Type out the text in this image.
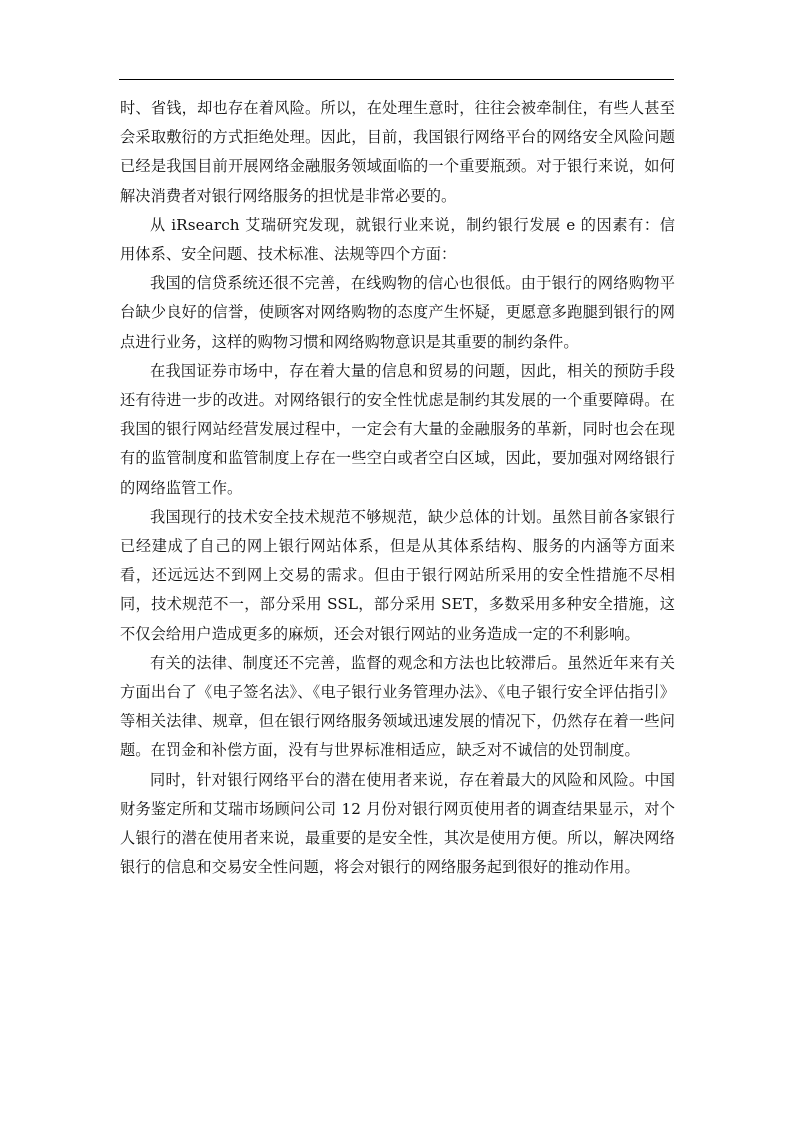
时、省钱，却也存在着风险。所以，在处理生意时，往往会被牵制住，有些人甚至会采取敷衍的方式拒绝处理。因此，目前，我国银行网络平台的网络安全风险问题已经是我国目前开展网络金融服务领域面临的一个重要瓶颈。对于银行来说，如何解决消费者对银行网络服务的担忧是非常必要的。

从 iRsearch 艾瑞研究发现，就银行业来说，制约银行发展 e 的因素有：信用体系、安全问题、技术标准、法规等四个方面：

我国的信贷系统还很不完善，在线购物的信心也很低。由于银行的网络购物平台缺少良好的信誉，使顾客对网络购物的态度产生怀疑，更愿意多跑腿到银行的网点进行业务，这样的购物习惯和网络购物意识是其重要的制约条件。

在我国证券市场中，存在着大量的信息和贸易的问题，因此，相关的预防手段还有待进一步的改进。对网络银行的安全性忧虑是制约其发展的一个重要障碍。在我国的银行网站经营发展过程中，一定会有大量的金融服务的革新，同时也会在现有的监管制度和监管制度上存在一些空白或者空白区域，因此，要加强对网络银行的网络监管工作。

我国现行的技术安全技术规范不够规范，缺少总体的计划。虽然目前各家银行已经建成了自己的网上银行网站体系，但是从其体系结构、服务的内涵等方面来看，还远远达不到网上交易的需求。但由于银行网站所采用的安全性措施不尽相同，技术规范不一，部分采用 SSL，部分采用 SET，多数采用多种安全措施，这不仅会给用户造成更多的麻烦，还会对银行网站的业务造成一定的不利影响。

有关的法律、制度还不完善，监督的观念和方法也比较滞后。虽然近年来有关方面出台了《电子签名法》、《电子银行业务管理办法》、《电子银行安全评估指引》等相关法律、规章，但在银行网络服务领域迅速发展的情况下，仍然存在着一些问题。在罚金和补偿方面，没有与世界标准相适应，缺乏对不诚信的处罚制度。

同时，针对银行网络平台的潜在使用者来说，存在着最大的风险和风险。中国财务鉴定所和艾瑞市场顾问公司 12 月份对银行网页使用者的调查结果显示，对个人银行的潜在使用者来说，最重要的是安全性，其次是使用方便。所以，解决网络银行的信息和交易安全性问题，将会对银行的网络服务起到很好的推动作用。
